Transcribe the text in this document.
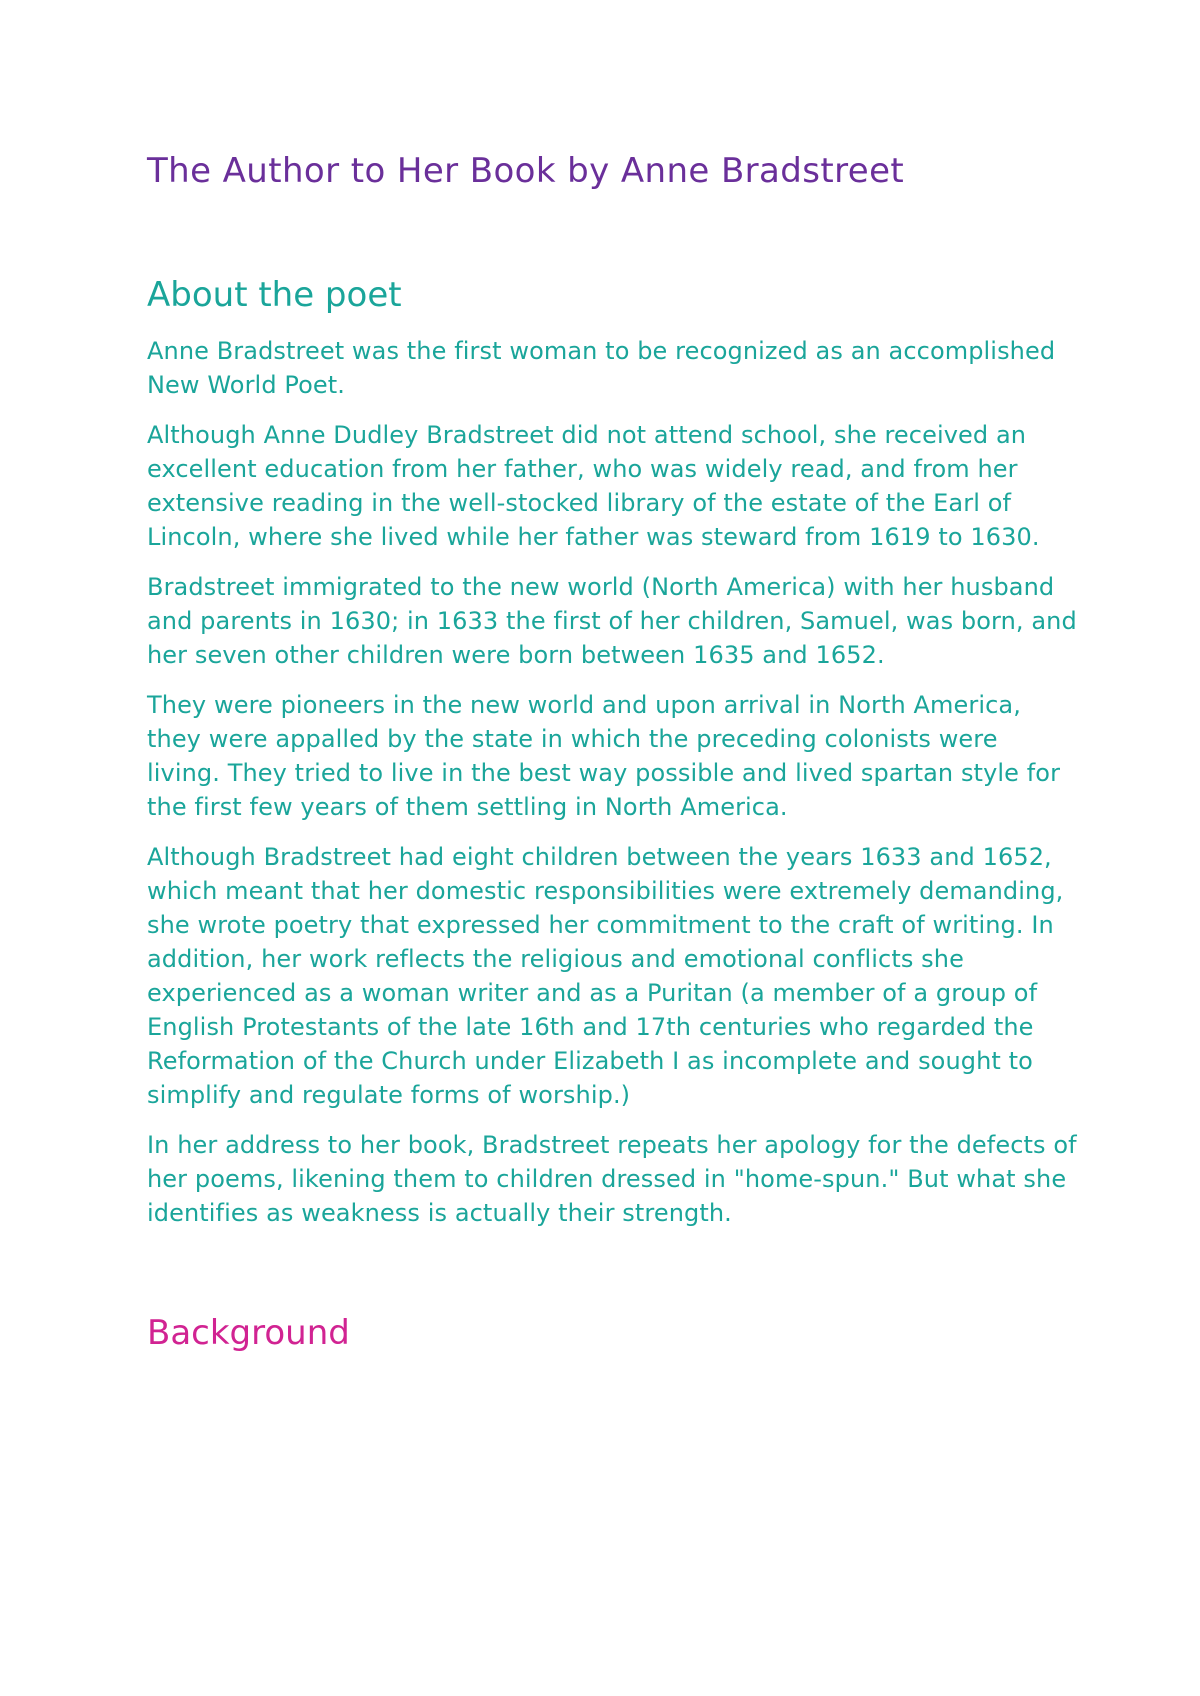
The Author to Her Book by Anne Bradstreet
About the poet

Anne Bradstreet was the first woman to be recognized as an accomplished New World Poet.

Although Anne Dudley Bradstreet did not attend school, she received an excellent education from her father, who was widely read, and from her extensive reading in the well-stocked library of the estate of the Earl of Lincoln, where she lived while her father was steward from 1619 to 1630.

Bradstreet immigrated to the new world (North America) with her husband and parents in 1630; in 1633 the first of her children, Samuel, was born, and her seven other children were born between 1635 and 1652.

They were pioneers in the new world and upon arrival in North America, they were appalled by the state in which the preceding colonists were living. They tried to live in the best way possible and lived spartan style for the first few years of them settling in North America.

Although Bradstreet had eight children between the years 1633 and 1652, which meant that her domestic responsibilities were extremely demanding, she wrote poetry that expressed her commitment to the craft of writing. In addition, her work reflects the religious and emotional conflicts she experienced as a woman writer and as a Puritan (a member of a group of English Protestants of the late 16th and 17th centuries who regarded the Reformation of the Church under Elizabeth I as incomplete and sought to simplify and regulate forms of worship.)

In her address to her book, Bradstreet repeats her apology for the defects of her poems, likening them to children dressed in "home-spun." But what she identifies as weakness is actually their strength.

Background
